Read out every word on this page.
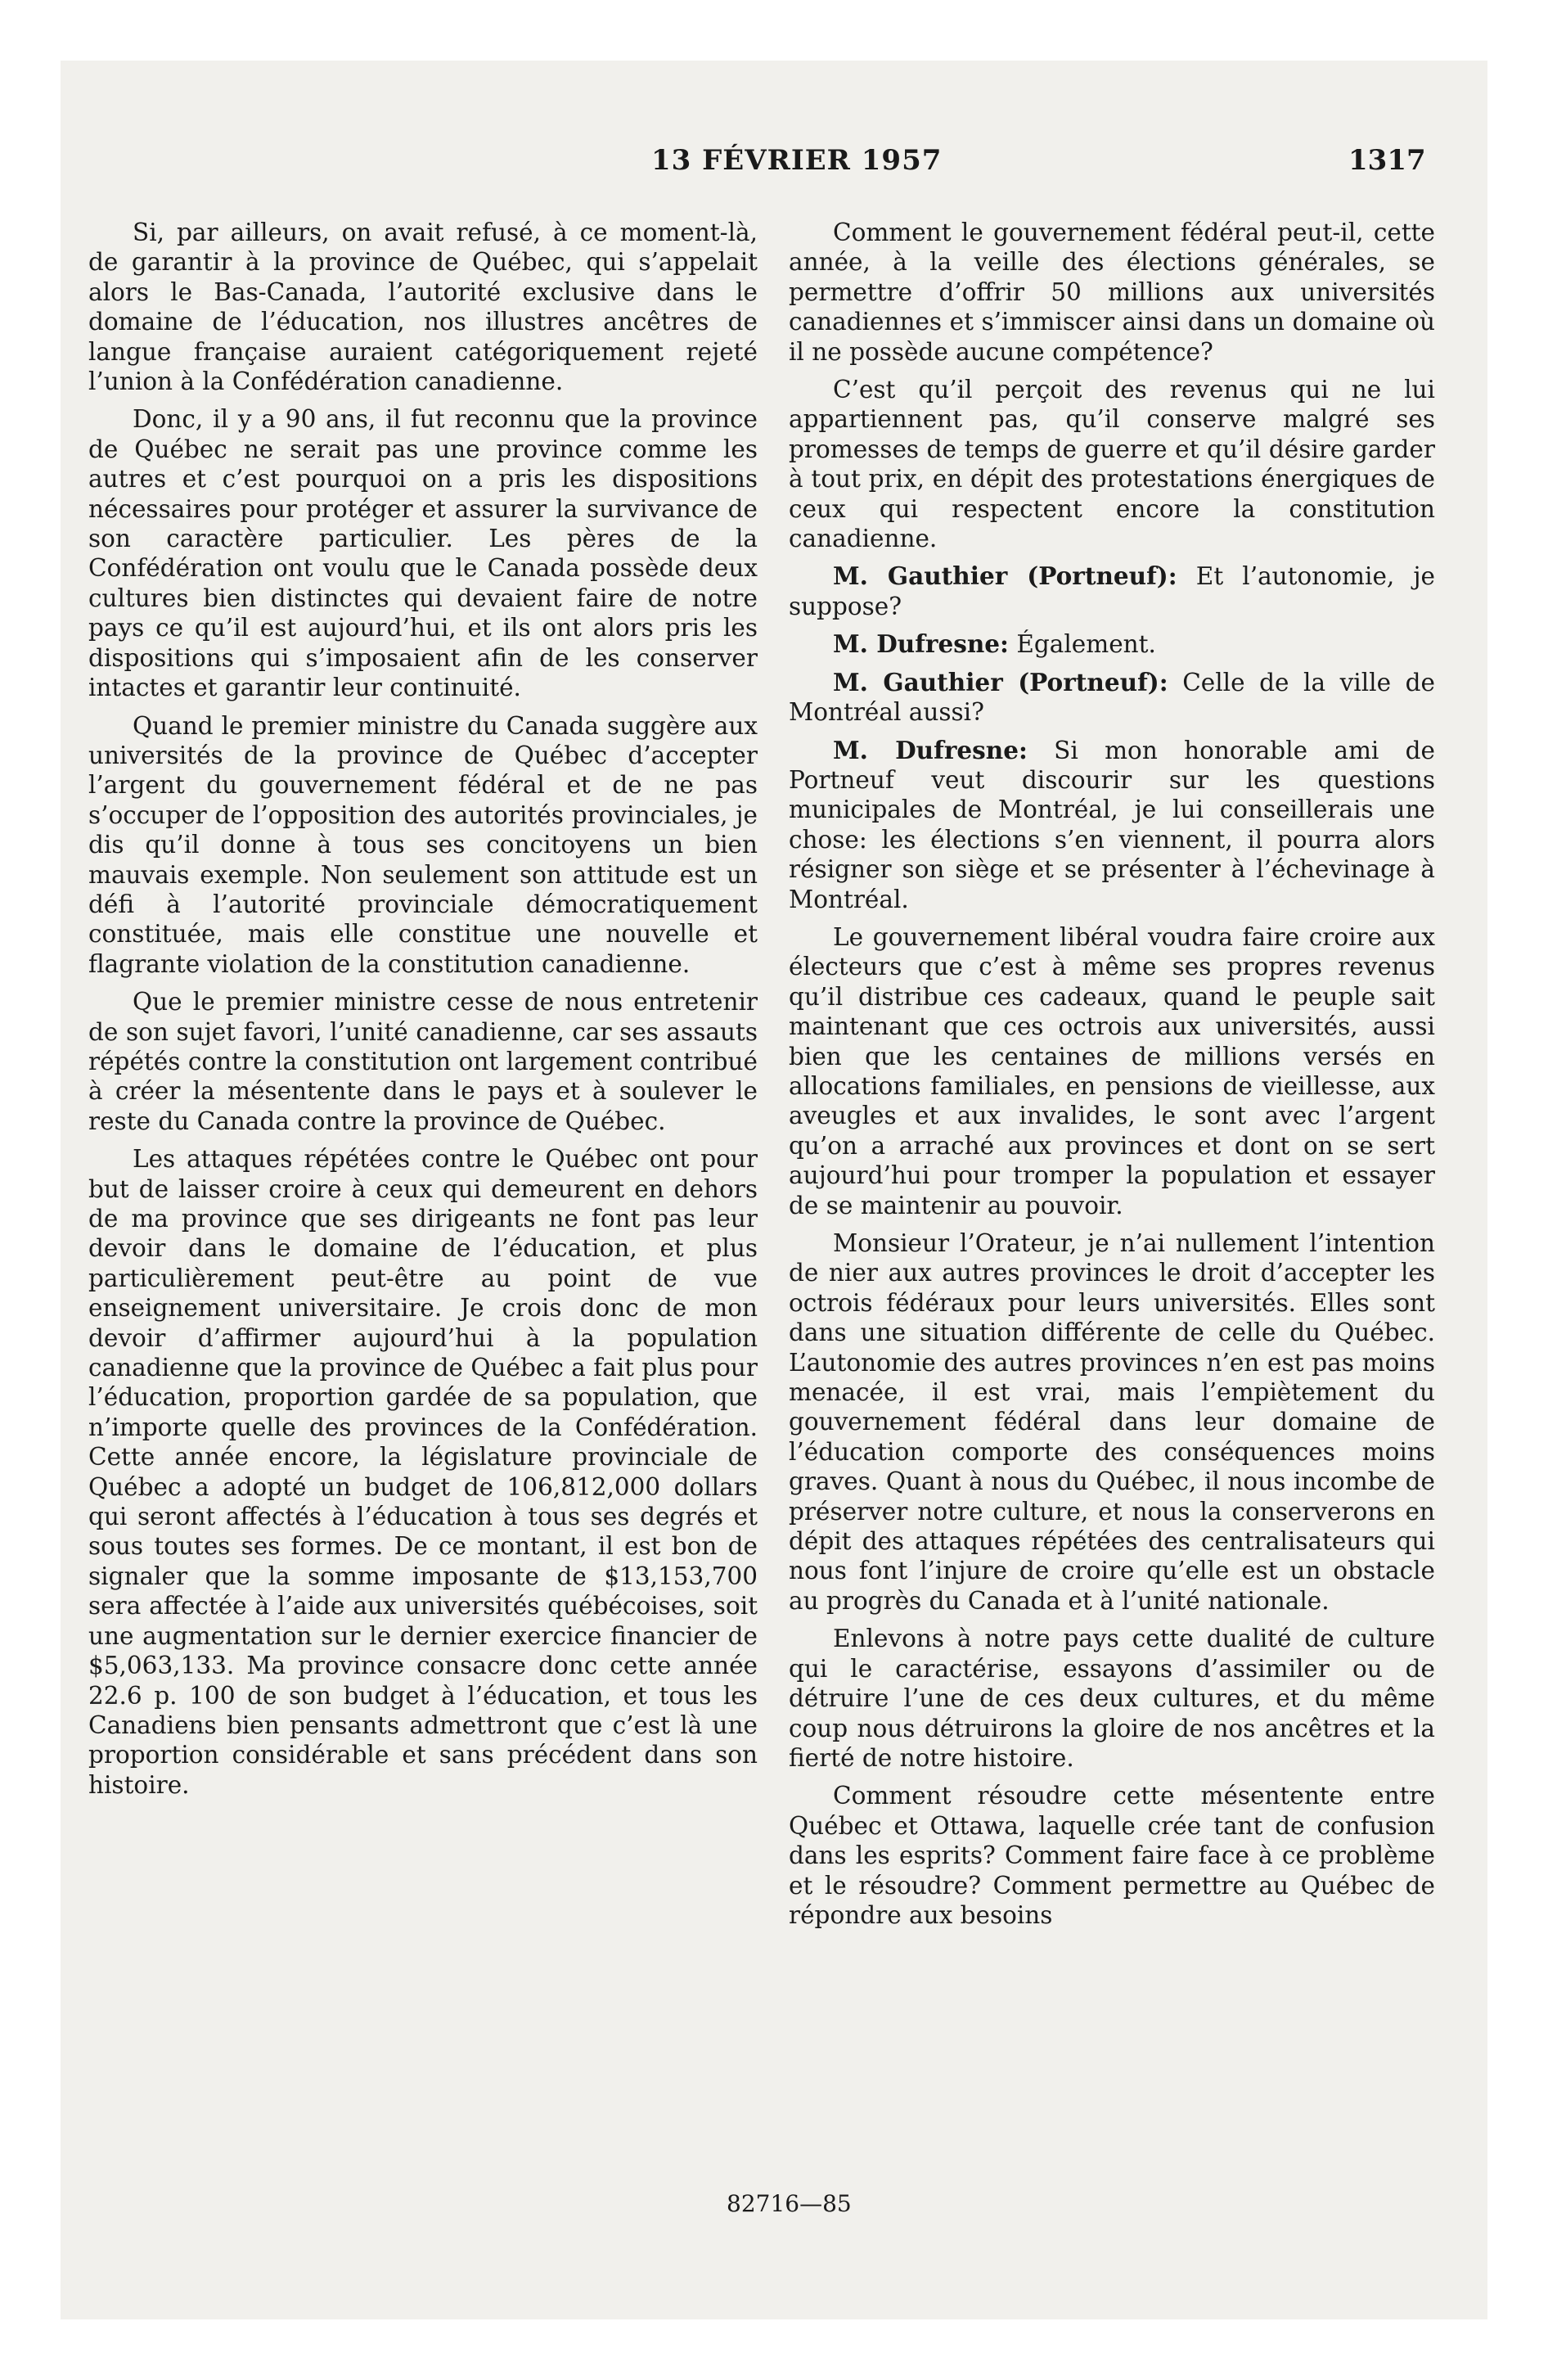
13 FÉVRIER 1957	1317

Si, par ailleurs, on avait refusé, à ce moment-là, de garantir à la province de Québec, qui s’appelait alors le Bas-Canada, l’autorité exclusive dans le domaine de l’éducation, nos illustres ancêtres de langue française auraient catégoriquement rejeté l’union à la Confédération canadienne.

Donc, il y a 90 ans, il fut reconnu que la province de Québec ne serait pas une province comme les autres et c’est pourquoi on a pris les dispositions nécessaires pour protéger et assurer la survivance de son caractère particulier. Les pères de la Confédération ont voulu que le Canada possède deux cultures bien distinctes qui devaient faire de notre pays ce qu’il est aujourd’hui, et ils ont alors pris les dispositions qui s’imposaient afin de les conserver intactes et garantir leur continuité.

Quand le premier ministre du Canada suggère aux universités de la province de Québec d’accepter l’argent du gouvernement fédéral et de ne pas s’occuper de l’opposition des autorités provinciales, je dis qu’il donne à tous ses concitoyens un bien mauvais exemple. Non seulement son attitude est un défi à l’autorité provinciale démocratiquement constituée, mais elle constitue une nouvelle et flagrante violation de la constitution canadienne.

Que le premier ministre cesse de nous entretenir de son sujet favori, l’unité canadienne, car ses assauts répétés contre la constitution ont largement contribué à créer la mésentente dans le pays et à soulever le reste du Canada contre la province de Québec.

Les attaques répétées contre le Québec ont pour but de laisser croire à ceux qui demeurent en dehors de ma province que ses dirigeants ne font pas leur devoir dans le domaine de l’éducation, et plus particulièrement peut-être au point de vue enseignement universitaire. Je crois donc de mon devoir d’affirmer aujourd’hui à la population canadienne que la province de Québec a fait plus pour l’éducation, proportion gardée de sa population, que n’importe quelle des provinces de la Confédération. Cette année encore, la législature provinciale de Québec a adopté un budget de 106,812,000 dollars qui seront affectés à l’éducation à tous ses degrés et sous toutes ses formes. De ce montant, il est bon de signaler que la somme imposante de $13,153,700 sera affectée à l’aide aux universités québécoises, soit une augmentation sur le dernier exercice financier de $5,063,133. Ma province consacre donc cette année 22.6 p. 100 de son budget à l’éducation, et tous les Canadiens bien pensants admettront que c’est là une proportion considérable et sans précédent dans son histoire.

Comment le gouvernement fédéral peut-il, cette année, à la veille des élections générales, se permettre d’offrir 50 millions aux universités canadiennes et s’immiscer ainsi dans un domaine où il ne possède aucune compétence?

C’est qu’il perçoit des revenus qui ne lui appartiennent pas, qu’il conserve malgré ses promesses de temps de guerre et qu’il désire garder à tout prix, en dépit des protestations énergiques de ceux qui respectent encore la constitution canadienne.

M. Gauthier (Portneuf): Et l’autonomie, je suppose?

M. Dufresne: Également.

M. Gauthier (Portneuf): Celle de la ville de Montréal aussi?

M. Dufresne: Si mon honorable ami de Portneuf veut discourir sur les questions municipales de Montréal, je lui conseillerais une chose: les élections s’en viennent, il pourra alors résigner son siège et se présenter à l’échevinage à Montréal.

Le gouvernement libéral voudra faire croire aux électeurs que c’est à même ses propres revenus qu’il distribue ces cadeaux, quand le peuple sait maintenant que ces octrois aux universités, aussi bien que les centaines de millions versés en allocations familiales, en pensions de vieillesse, aux aveugles et aux invalides, le sont avec l’argent qu’on a arraché aux provinces et dont on se sert aujourd’hui pour tromper la population et essayer de se maintenir au pouvoir.

Monsieur l’Orateur, je n’ai nullement l’intention de nier aux autres provinces le droit d’accepter les octrois fédéraux pour leurs universités. Elles sont dans une situation différente de celle du Québec. L’autonomie des autres provinces n’en est pas moins menacée, il est vrai, mais l’empiètement du gouvernement fédéral dans leur domaine de l’éducation comporte des conséquences moins graves. Quant à nous du Québec, il nous incombe de préserver notre culture, et nous la conserverons en dépit des attaques répétées des centralisateurs qui nous font l’injure de croire qu’elle est un obstacle au progrès du Canada et à l’unité nationale.

Enlevons à notre pays cette dualité de culture qui le caractérise, essayons d’assimiler ou de détruire l’une de ces deux cultures, et du même coup nous détruirons la gloire de nos ancêtres et la fierté de notre histoire.

Comment résoudre cette mésentente entre Québec et Ottawa, laquelle crée tant de confusion dans les esprits? Comment faire face à ce problème et le résoudre? Comment permettre au Québec de répondre aux besoins

82716—85
